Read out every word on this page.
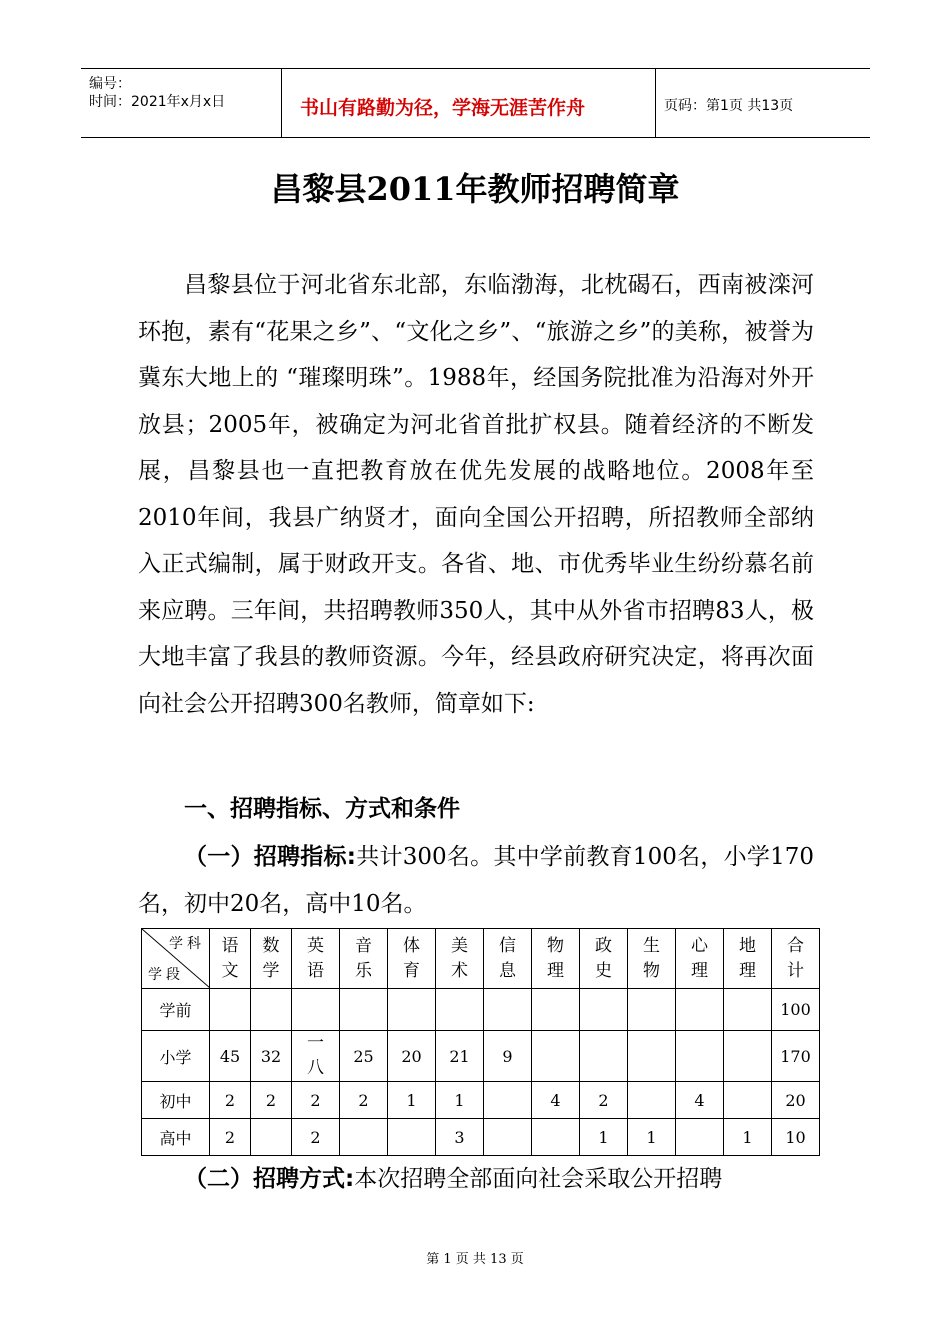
编号：
时间：2021年x月x日	书山有路勤为径，学海无涯苦作舟	页码：第1页 共13页
昌黎县2011年教师招聘简章

昌黎县位于河北省东北部，东临渤海，北枕碣石，西南被滦河环抱，素有“花果之乡”、“文化之乡”、“旅游之乡”的美称，被誉为冀东大地上的 “璀璨明珠”。1988年，经国务院批准为沿海对外开放县；2005年，被确定为河北省首批扩权县。随着经济的不断发展，昌黎县也一直把教育放在优先发展的战略地位。2008年至2010年间，我县广纳贤才，面向全国公开招聘，所招教师全部纳入正式编制，属于财政开支。各省、地、市优秀毕业生纷纷慕名前来应聘。三年间，共招聘教师350人，其中从外省市招聘83人，极大地丰富了我县的教师资源。今年，经县政府研究决定，将再次面向社会公开招聘300名教师，简章如下:

一、招聘指标、方式和条件

（一）招聘指标:共计300名。其中学前教育100名，小学170名，初中20名，高中10名。

学科
学段	语文	数学	英语	音乐	体育	美术	信息	物理	政史	生物	心理	地理	合计
学前													100
小学	45	32	一八	25	20	21	9						170
初中	2	2	2	2	1	1		4	2		4		20
高中	2		2			3			1	1		1	10

（二）招聘方式:本次招聘全部面向社会采取公开招聘

第 1 页 共 13 页
